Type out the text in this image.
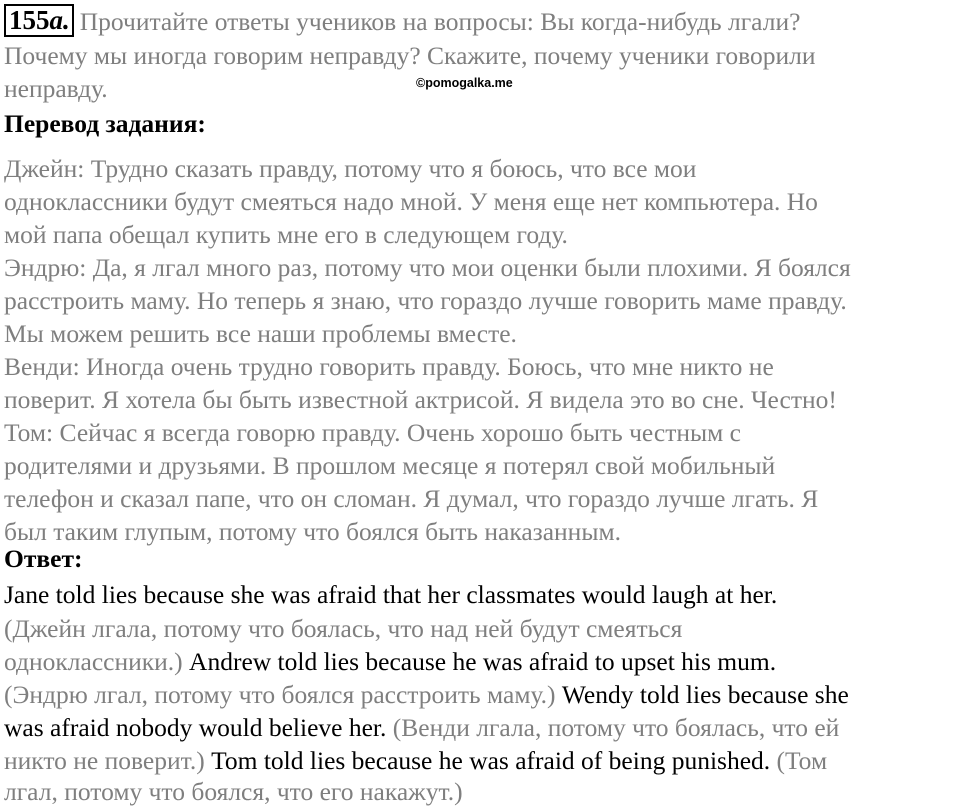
155a. Прочитайте ответы учеников на вопросы: Вы когда-нибудь лгали?
Почему мы иногда говорим неправду? Скажите, почему ученики говорили
неправду.	©pomogalka.me
Перевод задания:
Джейн: Трудно сказать правду, потому что я боюсь, что все мои
одноклассники будут смеяться надо мной. У меня еще нет компьютера. Но
мой папа обещал купить мне его в следующем году.
Эндрю: Да, я лгал много раз, потому что мои оценки были плохими. Я боялся
расстроить маму. Но теперь я знаю, что гораздо лучше говорить маме правду.
Мы можем решить все наши проблемы вместе.
Венди: Иногда очень трудно говорить правду. Боюсь, что мне никто не
поверит. Я хотела бы быть известной актрисой. Я видела это во сне. Честно!
Том: Сейчас я всегда говорю правду. Очень хорошо быть честным с
родителями и друзьями. В прошлом месяце я потерял свой мобильный
телефон и сказал папе, что он сломан. Я думал, что гораздо лучше лгать. Я
был таким глупым, потому что боялся быть наказанным.
Ответ:
Jane told lies because she was afraid that her classmates would laugh at her.
(Джейн лгала, потому что боялась, что над ней будут смеяться
одноклассники.) Andrew told lies because he was afraid to upset his mum.
(Эндрю лгал, потому что боялся расстроить маму.) Wendy told lies because she
was afraid nobody would believe her. (Венди лгала, потому что боялась, что ей
никто не поверит.) Tom told lies because he was afraid of being punished. (Том
лгал, потому что боялся, что его накажут.)
